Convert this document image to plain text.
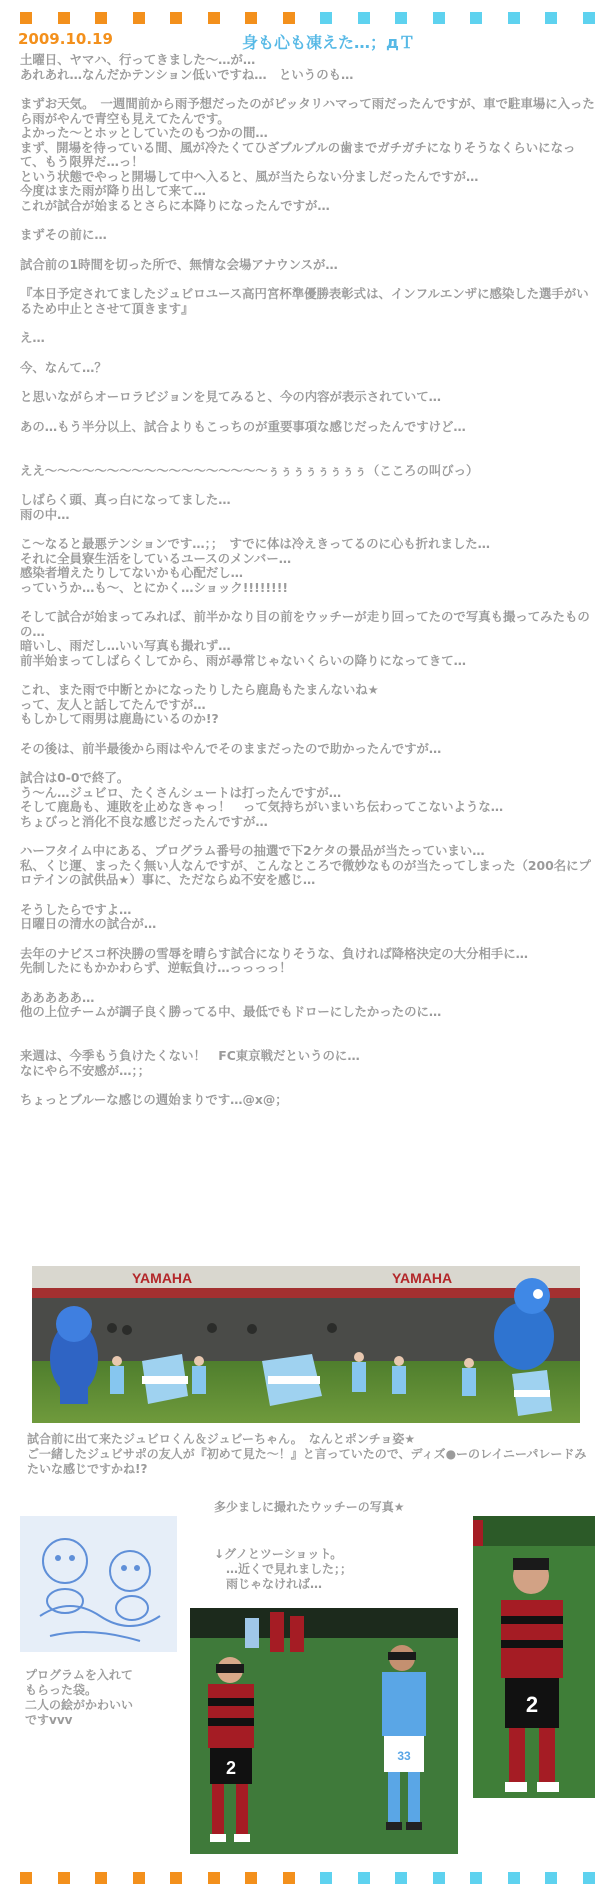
2009.10.19	身も心も凍えた…；дＴ

土曜日、ヤマハ、行ってきました〜…が…
あれあれ…なんだかテンション低いですね…　というのも…

まずお天気。　一週間前から雨予想だったのがピッタリハマって雨だったんですが、車で駐車場に入ったら雨がやんで青空も見えてたんです。
よかった〜とホッとしていたのもつかの間…
まず、開場を待っている間、風が冷たくてひざブルブルの歯までガチガチになりそうなくらいになって、もう限界だ…っ！
という状態でやっと開場して中へ入ると、風が当たらない分ましだったんですが…
今度はまた雨が降り出して来て…
これが試合が始まるとさらに本降りになったんですが…

まずその前に…

試合前の1時間を切った所で、無情な会場アナウンスが…

『本日予定されてましたジュビロユース高円宮杯準優勝表彰式は、インフルエンザに感染した選手がいるため中止とさせて頂きます』

え…

今、なんて…？

と思いながらオーロラビジョンを見てみると、今の内容が表示されていて…

あの…もう半分以上、試合よりもこっちのが重要事項な感じだったんですけど…

ええ〜〜〜〜〜〜〜〜〜〜〜〜〜〜〜〜〜〜ぅぅぅぅぅぅぅぅ（こころの叫びっ）

しばらく頭、真っ白になってました…
雨の中…

こ〜なると最悪テンションです…；；　すでに体は冷えきってるのに心も折れました…
それに全員寮生活をしているユースのメンバー…
感染者増えたりしてないかも心配だし…
っていうか…も〜、とにかく…ショック!!!!!!!!

そして試合が始まってみれば、前半かなり目の前をウッチーが走り回ってたので写真も撮ってみたものの…
暗いし、雨だし…いい写真も撮れず…
前半始まってしばらくしてから、雨が尋常じゃないくらいの降りになってきて…

これ、また雨で中断とかになったりしたら鹿島もたまんないね★
って、友人と話してたんですが…
もしかして雨男は鹿島にいるのか!?

その後は、前半最後から雨はやんでそのままだったので助かったんですが…

試合は0-0で終了。
う〜ん…ジュビロ、たくさんシュートは打ったんですが…
そして鹿島も、連敗を止めなきゃっ！　って気持ちがいまいち伝わってこないような…
ちょびっと消化不良な感じだったんですが…

ハーフタイム中にある、プログラム番号の抽選で下2ケタの景品が当たっていまい…
私、くじ運、まったく無い人なんですが、こんなところで微妙なものが当たってしまった（200名にプロテインの試供品★）事に、ただならぬ不安を感じ…

そうしたらですよ…
日曜日の清水の試合が…

去年のナビスコ杯決勝の雪辱を晴らす試合になりそうな、負ければ降格決定の大分相手に…
先制したにもかかわらず、逆転負け…っっっっ！

あああああ…
他の上位チームが調子良く勝ってる中、最低でもドローにしたかったのに…

来週は、今季もう負けたくない！　FC東京戦だというのに…
なにやら不安感が…；；

ちょっとブルーな感じの週始まりです…@x@；

YAMAHA	YAMAHA
試合前に出て来たジュビロくん＆ジュビーちゃん。　なんとポンチョ姿★
ご一緒したジュビサポの友人が『初めて見た〜！』と言っていたので、ディズ●ーのレイニーパレードみたいな感じですかね!?
多少ましに撮れたウッチーの写真★
プログラムを入れて
もらった袋。
二人の絵がかわいい
ですvvv
↓グノとツーショット。
　…近くで見れました；；
　雨じゃなければ…
2
33
2
